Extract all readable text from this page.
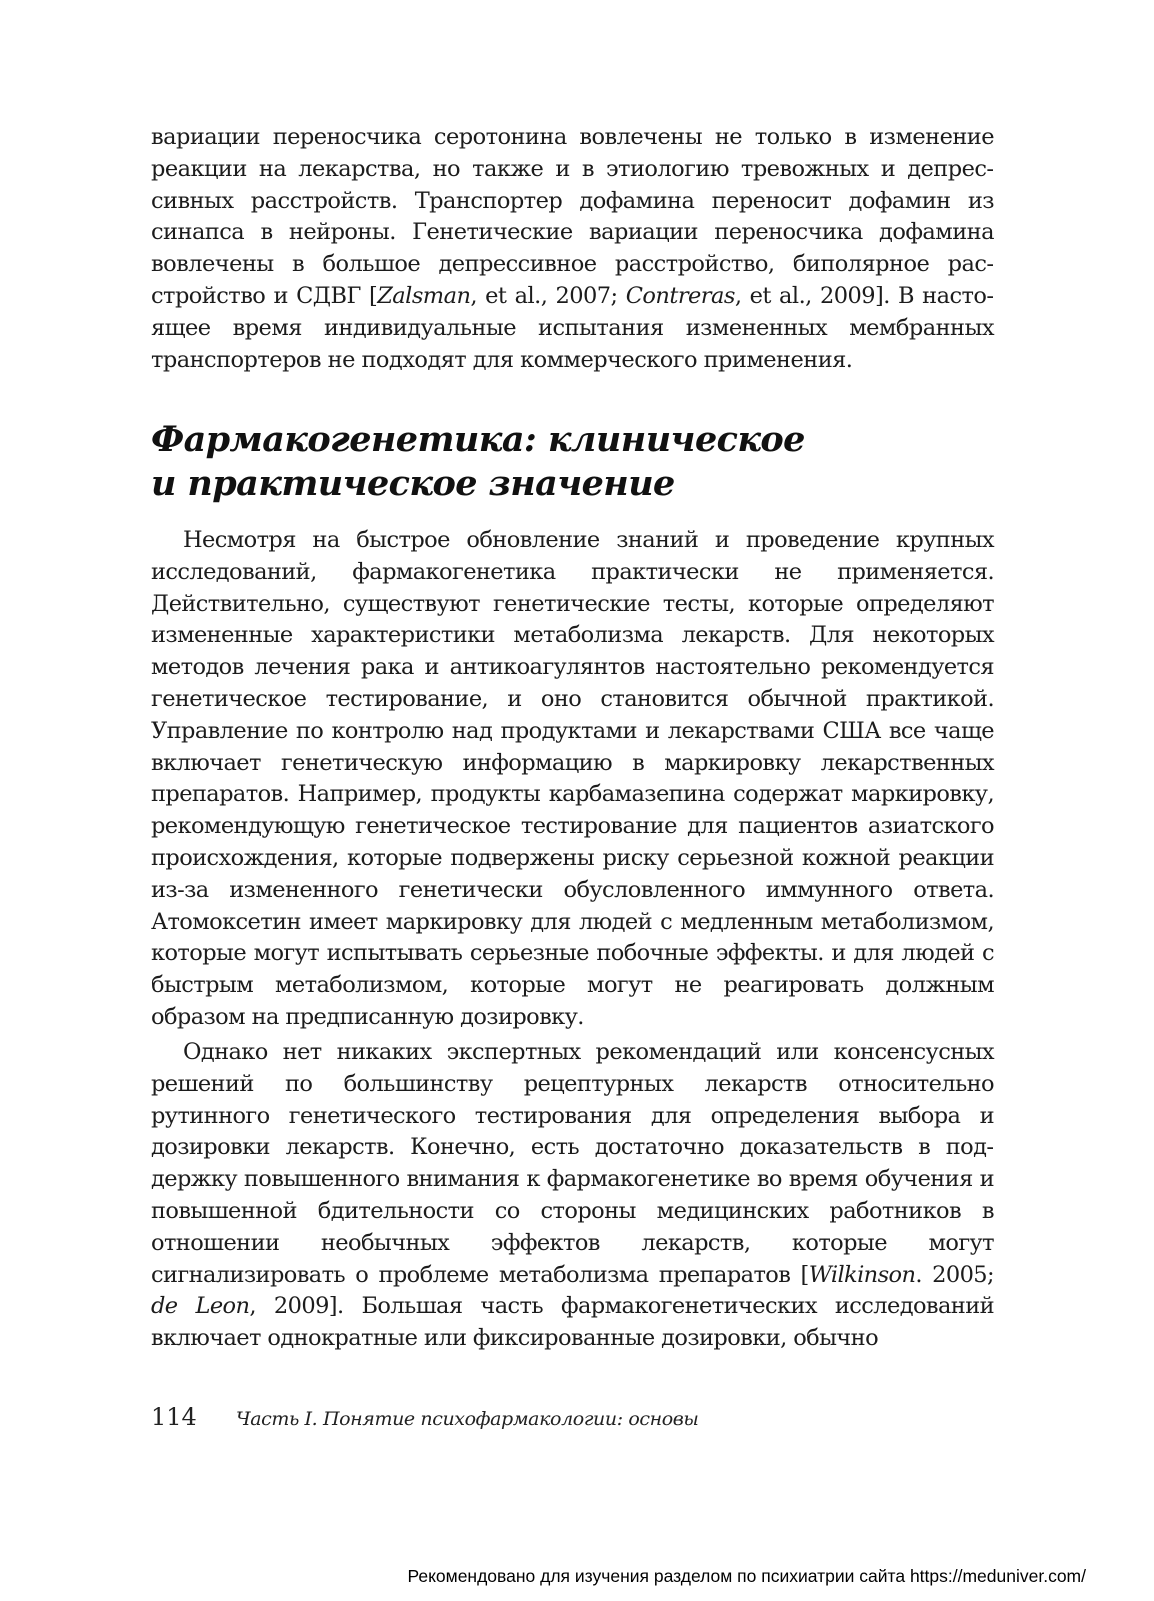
вариации переносчика серотонина вовлечены не только в изменение реакции на лекарства, но также и в этиологию тревожных и депрессивных расстройств. Транспортер дофамина переносит дофамин из синапса в нейроны. Генетические вариации переносчика дофамина вовлечены в большое депрессивное расстройство, биполярное расстройство и СДВГ [Zalsman, et al., 2007; Contreras, et al., 2009]. В настоящее время индивидуальные испытания измененных мембранных транспортеров не подходят для коммерческого применения.

Фармакогенетика: клиническое
и практическое значение

Несмотря на быстрое обновление знаний и проведение крупных исследований, фармакогенетика практически не применяется. Действительно, существуют генетические тесты, которые определяют измененные характеристики метаболизма лекарств. Для некоторых методов лечения рака и антикоагулянтов настоятельно рекомендуется генетическое тестирование, и оно становится обычной практикой. Управление по контролю над продуктами и лекарствами США все чаще включает генетическую информацию в маркировку лекарственных препаратов. Например, продукты карбамазепина содержат маркировку, рекомендующую генетическое тестирование для пациентов азиатского происхождения, которые подвержены риску серьезной кожной реакции из-за измененного генетически обусловленного иммунного ответа. Атомоксетин имеет маркировку для людей с медленным метаболизмом, которые могут испытывать серьезные побочные эффекты. и для людей с быстрым метаболизмом, которые могут не реагировать должным образом на предписанную дозировку.

Однако нет никаких экспертных рекомендаций или консенсусных решений по большинству рецептурных лекарств относительно рутинного генетического тестирования для определения выбора и дозировки лекарств. Конечно, есть достаточно доказательств в поддержку повышенного внимания к фармакогенетике во время обучения и повышенной бдительности со стороны медицинских работников в отношении необычных эффектов лекарств, которые могут сигнализировать о проблеме метаболизма препаратов [Wilkinson. 2005; de Leon, 2009]. Большая часть фармакогенетических исследований включает однократные или фиксированные дозировки, обычно

114 Часть I. Понятие психофармакологии: основы
Рекомендовано для изучения разделом по психиатрии сайта https://meduniver.com/
